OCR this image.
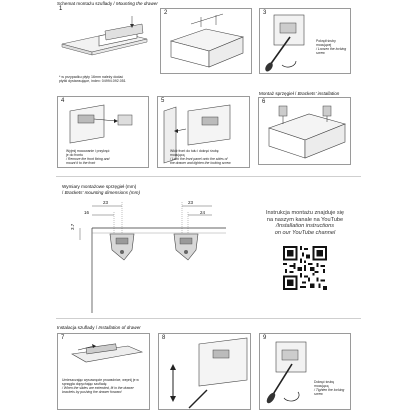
Schemat montażu szuflady / Mounting the drawer
1
* w przypadku płyty 16mm należy dodać
płytki dystansujące, index: 04994.092.051
2	3
Pokrętł śruby
mocującej
/ Loosen the locking
screw
4
Wyjmij mocowanie i przykręć
je do frontu
/ Remove the front fixing and
mount it to the front
5
Włóż front do tułu i dokręć śrubę
mocującą
/ Lock the front panel onto the sides of
the drawer and tighten the locking screw
Montaż sprzęgieł / Brackets' installation
6
Wymiary montażowe sprzęgieł (mm)
/ Brackets' mounting dimensions (mm)
23
16
23
24
3.7
Instrukcja montażu znajduje się
na naszym kanale na YouTube
/Installation instructions
on our YouTube channel
Instalacja szuflady / Installation of drawer
7
Umieszczając wysuwnęcie prowadnice, wepnij je w
sprzęgła dopychając szufladę
/ When the slides are extended, fit in the drawer
brackets by pushing the drawer forward
8	9
Dokręć śrubę
mocującą
/ Tighten the locking
screw
